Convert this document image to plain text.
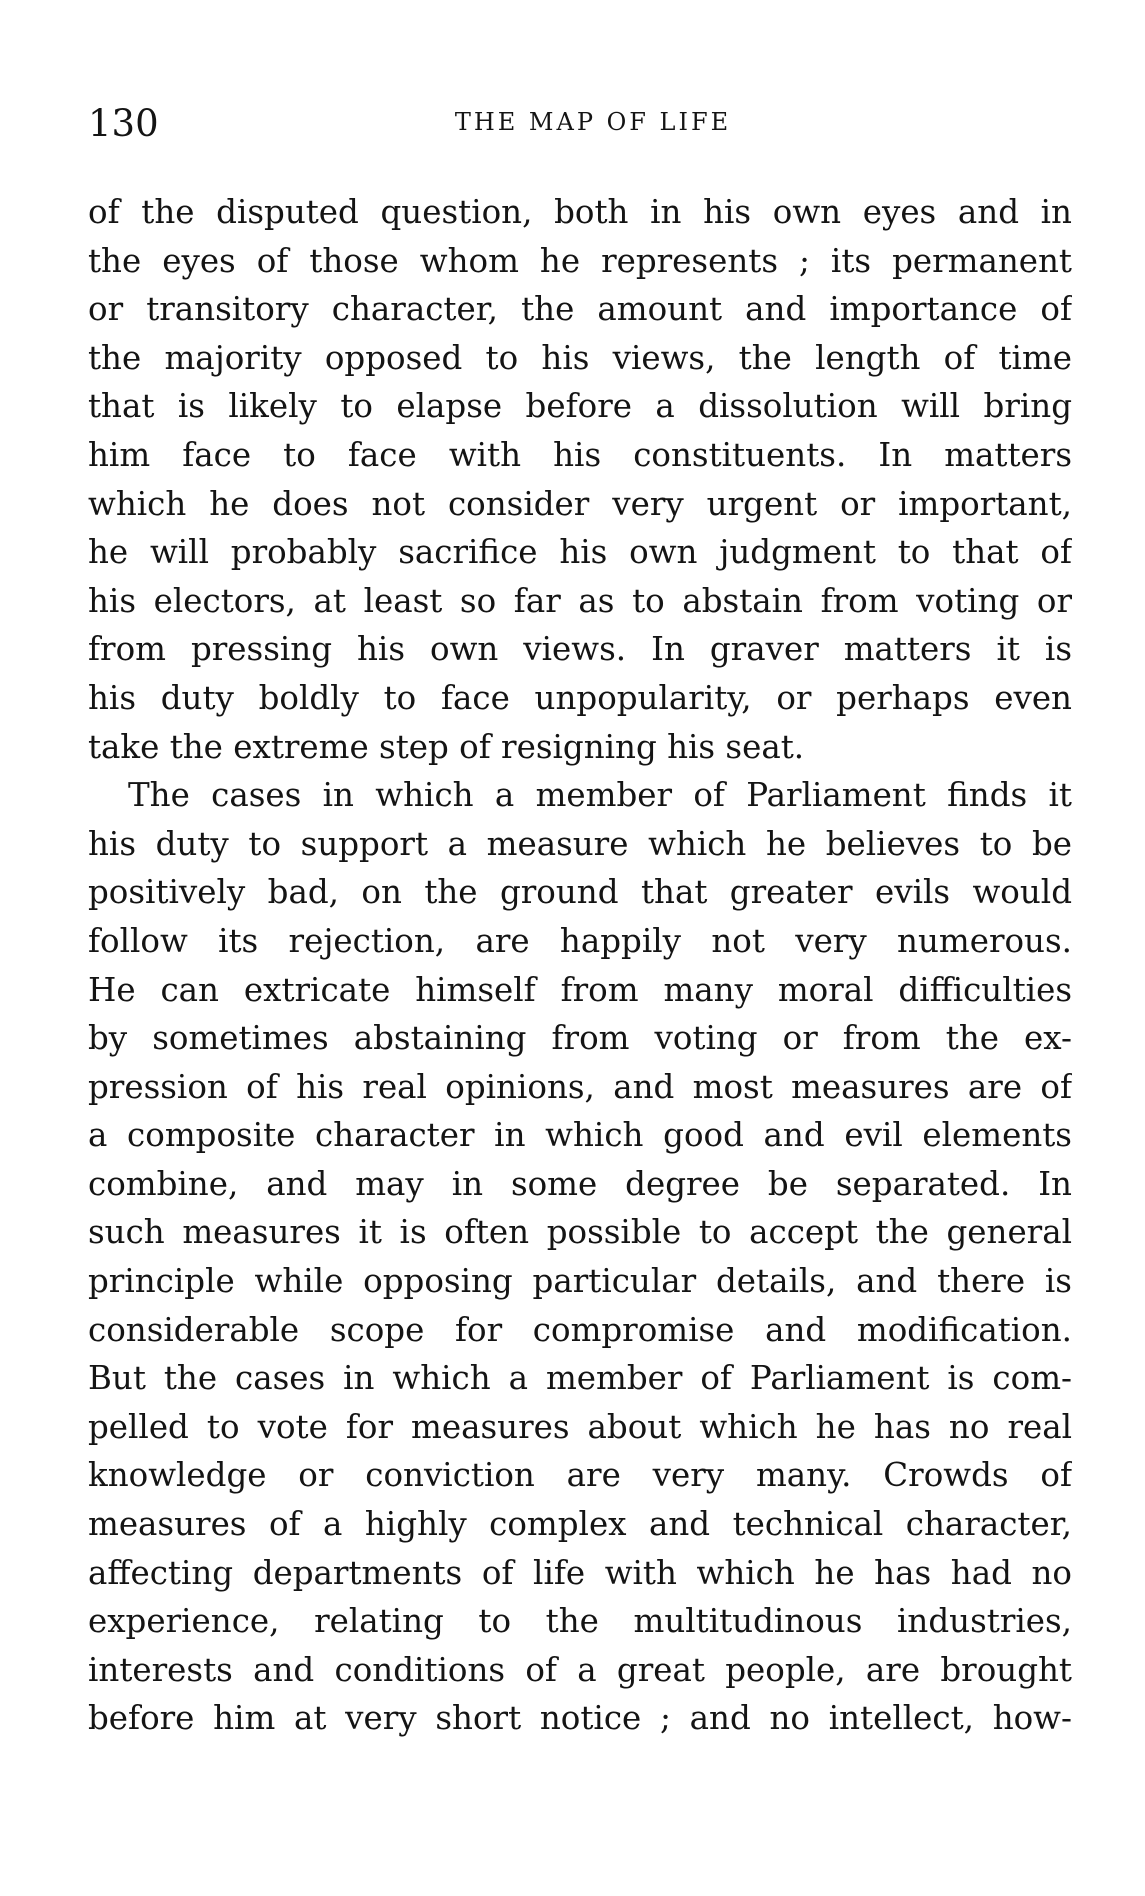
130	THE MAP OF LIFE
of the disputed question, both in his own eyes and in
the eyes of those whom he represents ; its permanent
or transitory character, the amount and importance of
the majority opposed to his views, the length of time
that is likely to elapse before a dissolution will bring
him face to face with his constituents. In matters
which he does not consider very urgent or important,
he will probably sacrifice his own judgment to that of
his electors, at least so far as to abstain from voting or
from pressing his own views. In graver matters it is
his duty boldly to face unpopularity, or perhaps even
take the extreme step of resigning his seat.
The cases in which a member of Parliament finds it
his duty to support a measure which he believes to be
positively bad, on the ground that greater evils would
follow its rejection, are happily not very numerous.
He can extricate himself from many moral difficulties
by sometimes abstaining from voting or from the ex-
pression of his real opinions, and most measures are of
a composite character in which good and evil elements
combine, and may in some degree be separated. In
such measures it is often possible to accept the general
principle while opposing particular details, and there is
considerable scope for compromise and modification.
But the cases in which a member of Parliament is com-
pelled to vote for measures about which he has no real
knowledge or conviction are very many. Crowds of
measures of a highly complex and technical character,
affecting departments of life with which he has had no
experience, relating to the multitudinous industries,
interests and conditions of a great people, are brought
before him at very short notice ; and no intellect, how-
